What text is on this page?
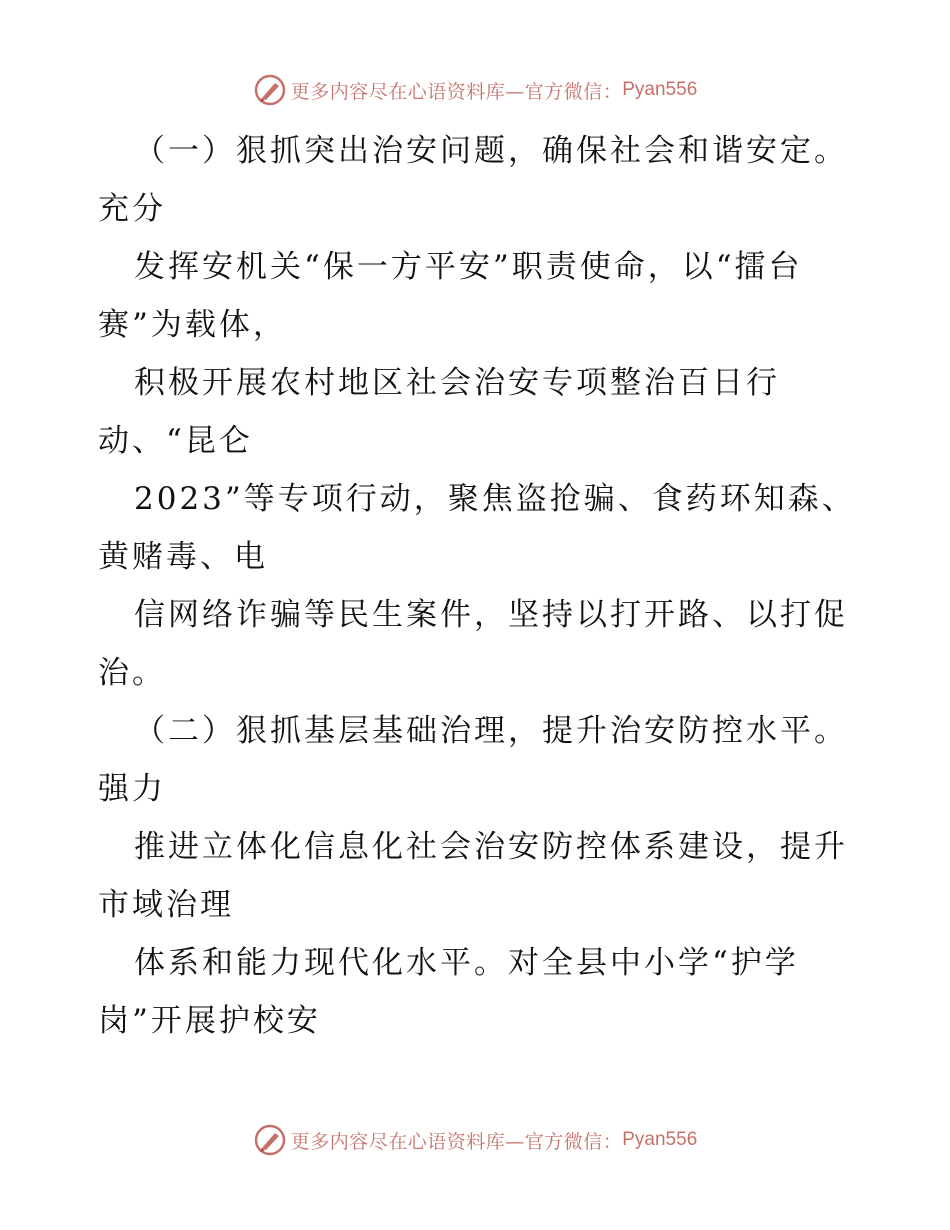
更多内容尽在心语资料库—官方微信： Pyan556
（一）狠抓突出治安问题，确保社会和谐安定。
充分
发挥安机关“保一方平安”职责使命，以“擂台
赛”为载体，
积极开展农村地区社会治安专项整治百日行
动、“昆仑
2023”等专项行动，聚焦盗抢骗、食药环知森、
黄赌毒、电
信网络诈骗等民生案件，坚持以打开路、以打促
治。
（二）狠抓基层基础治理，提升治安防控水平。
强力
推进立体化信息化社会治安防控体系建设，提升
市域治理
体系和能力现代化水平。对全县中小学“护学
岗”开展护校安
更多内容尽在心语资料库—官方微信： Pyan556
